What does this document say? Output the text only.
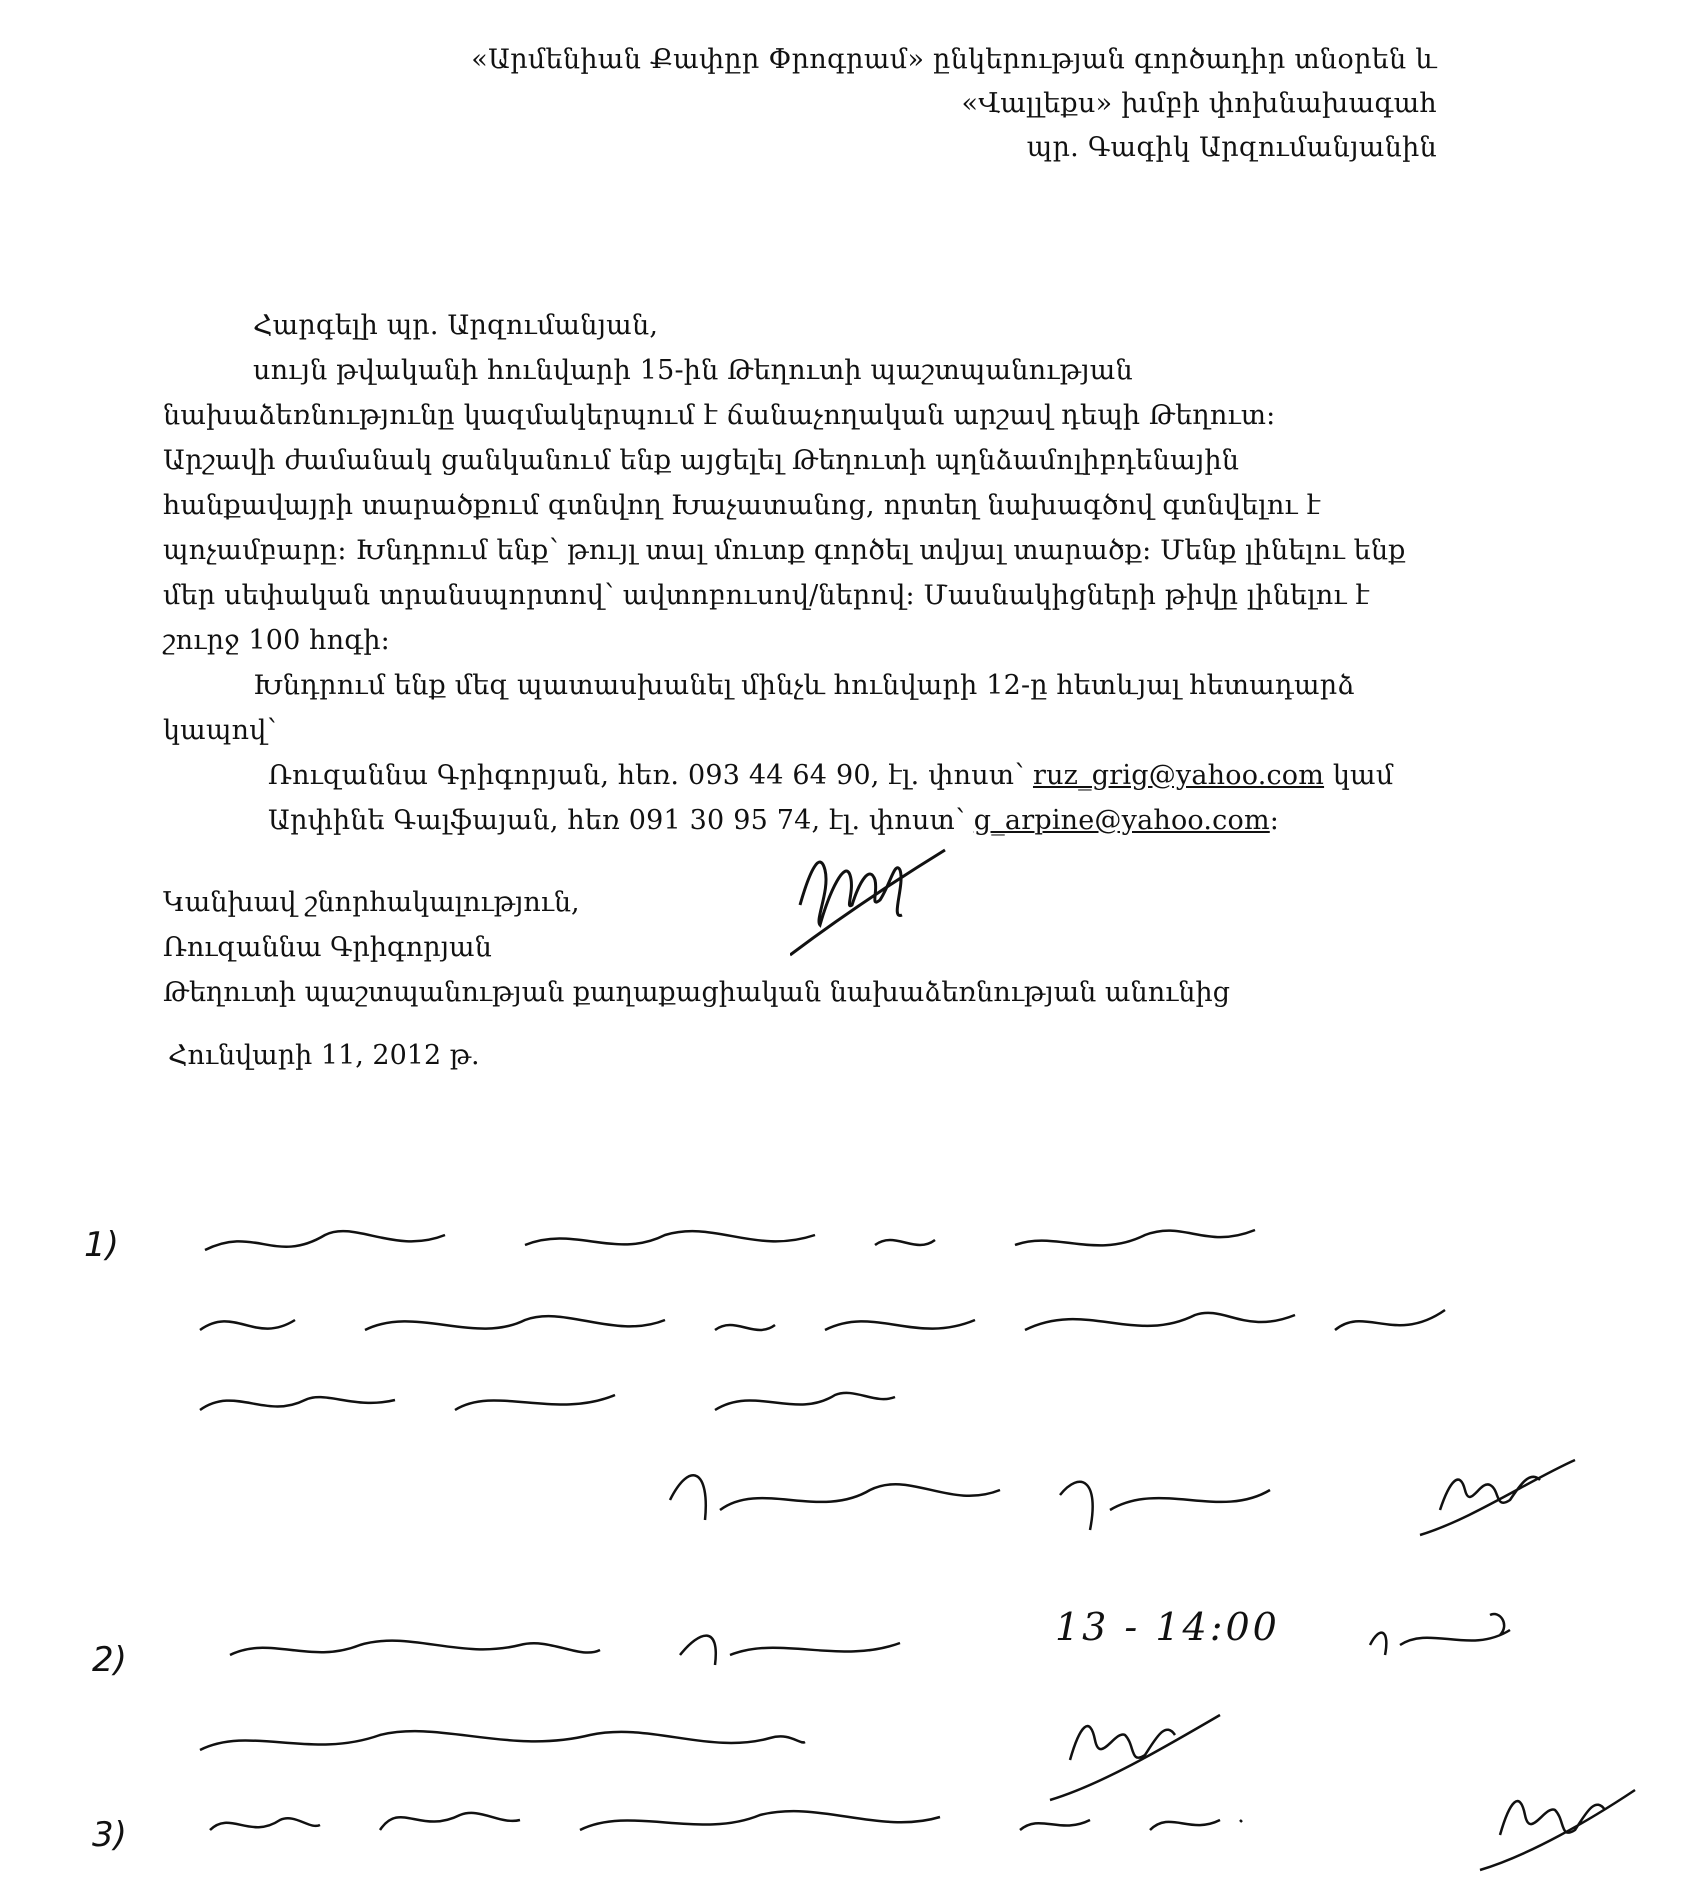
«Արմենիան Քափըր Փրոգրամ» ընկերության գործադիր տնօրեն և
«Վալլեքս» խմբի փոխնախագահ
պր. Գագիկ Արզումանյանին
Հարգելի պր. Արզումանյան,
սույն թվականի հունվարի 15-ին Թեղուտի պաշտպանության
նախաձեռնությունը կազմակերպում է ճանաչողական արշավ դեպի Թեղուտ:
Արշավի ժամանակ ցանկանում ենք այցելել Թեղուտի պղնձամոլիբդենային
հանքավայրի տարածքում գտնվող Խաչատանոց, որտեղ նախագծով գտնվելու է
պոչամբարը: Խնդրում ենք՝ թույլ տալ մուտք գործել տվյալ տարածք: Մենք լինելու ենք
մեր սեփական տրանսպորտով՝ ավտոբուսով/ներով: Մասնակիցների թիվը լինելու է
շուրջ 100 հոգի:
Խնդրում ենք մեզ պատասխանել մինչև հունվարի 12-ը հետևյալ հետադարձ
կապով՝
Ռուզաննա Գրիգորյան, հեռ. 093 44 64 90, էլ. փոստ՝ ruz_grig@yahoo.com կամ
Արփինե Գալֆայան, հեռ 091 30 95 74, էլ. փոստ՝ g_arpine@yahoo.com:
Կանխավ շնորհակալություն,
Ռուզաննա Գրիգորյան
Թեղուտի պաշտպանության քաղաքացիական նախաձեռնության անունից
Հունվարի 11, 2012 թ.
1)
2)
13 - 14:00
3)
